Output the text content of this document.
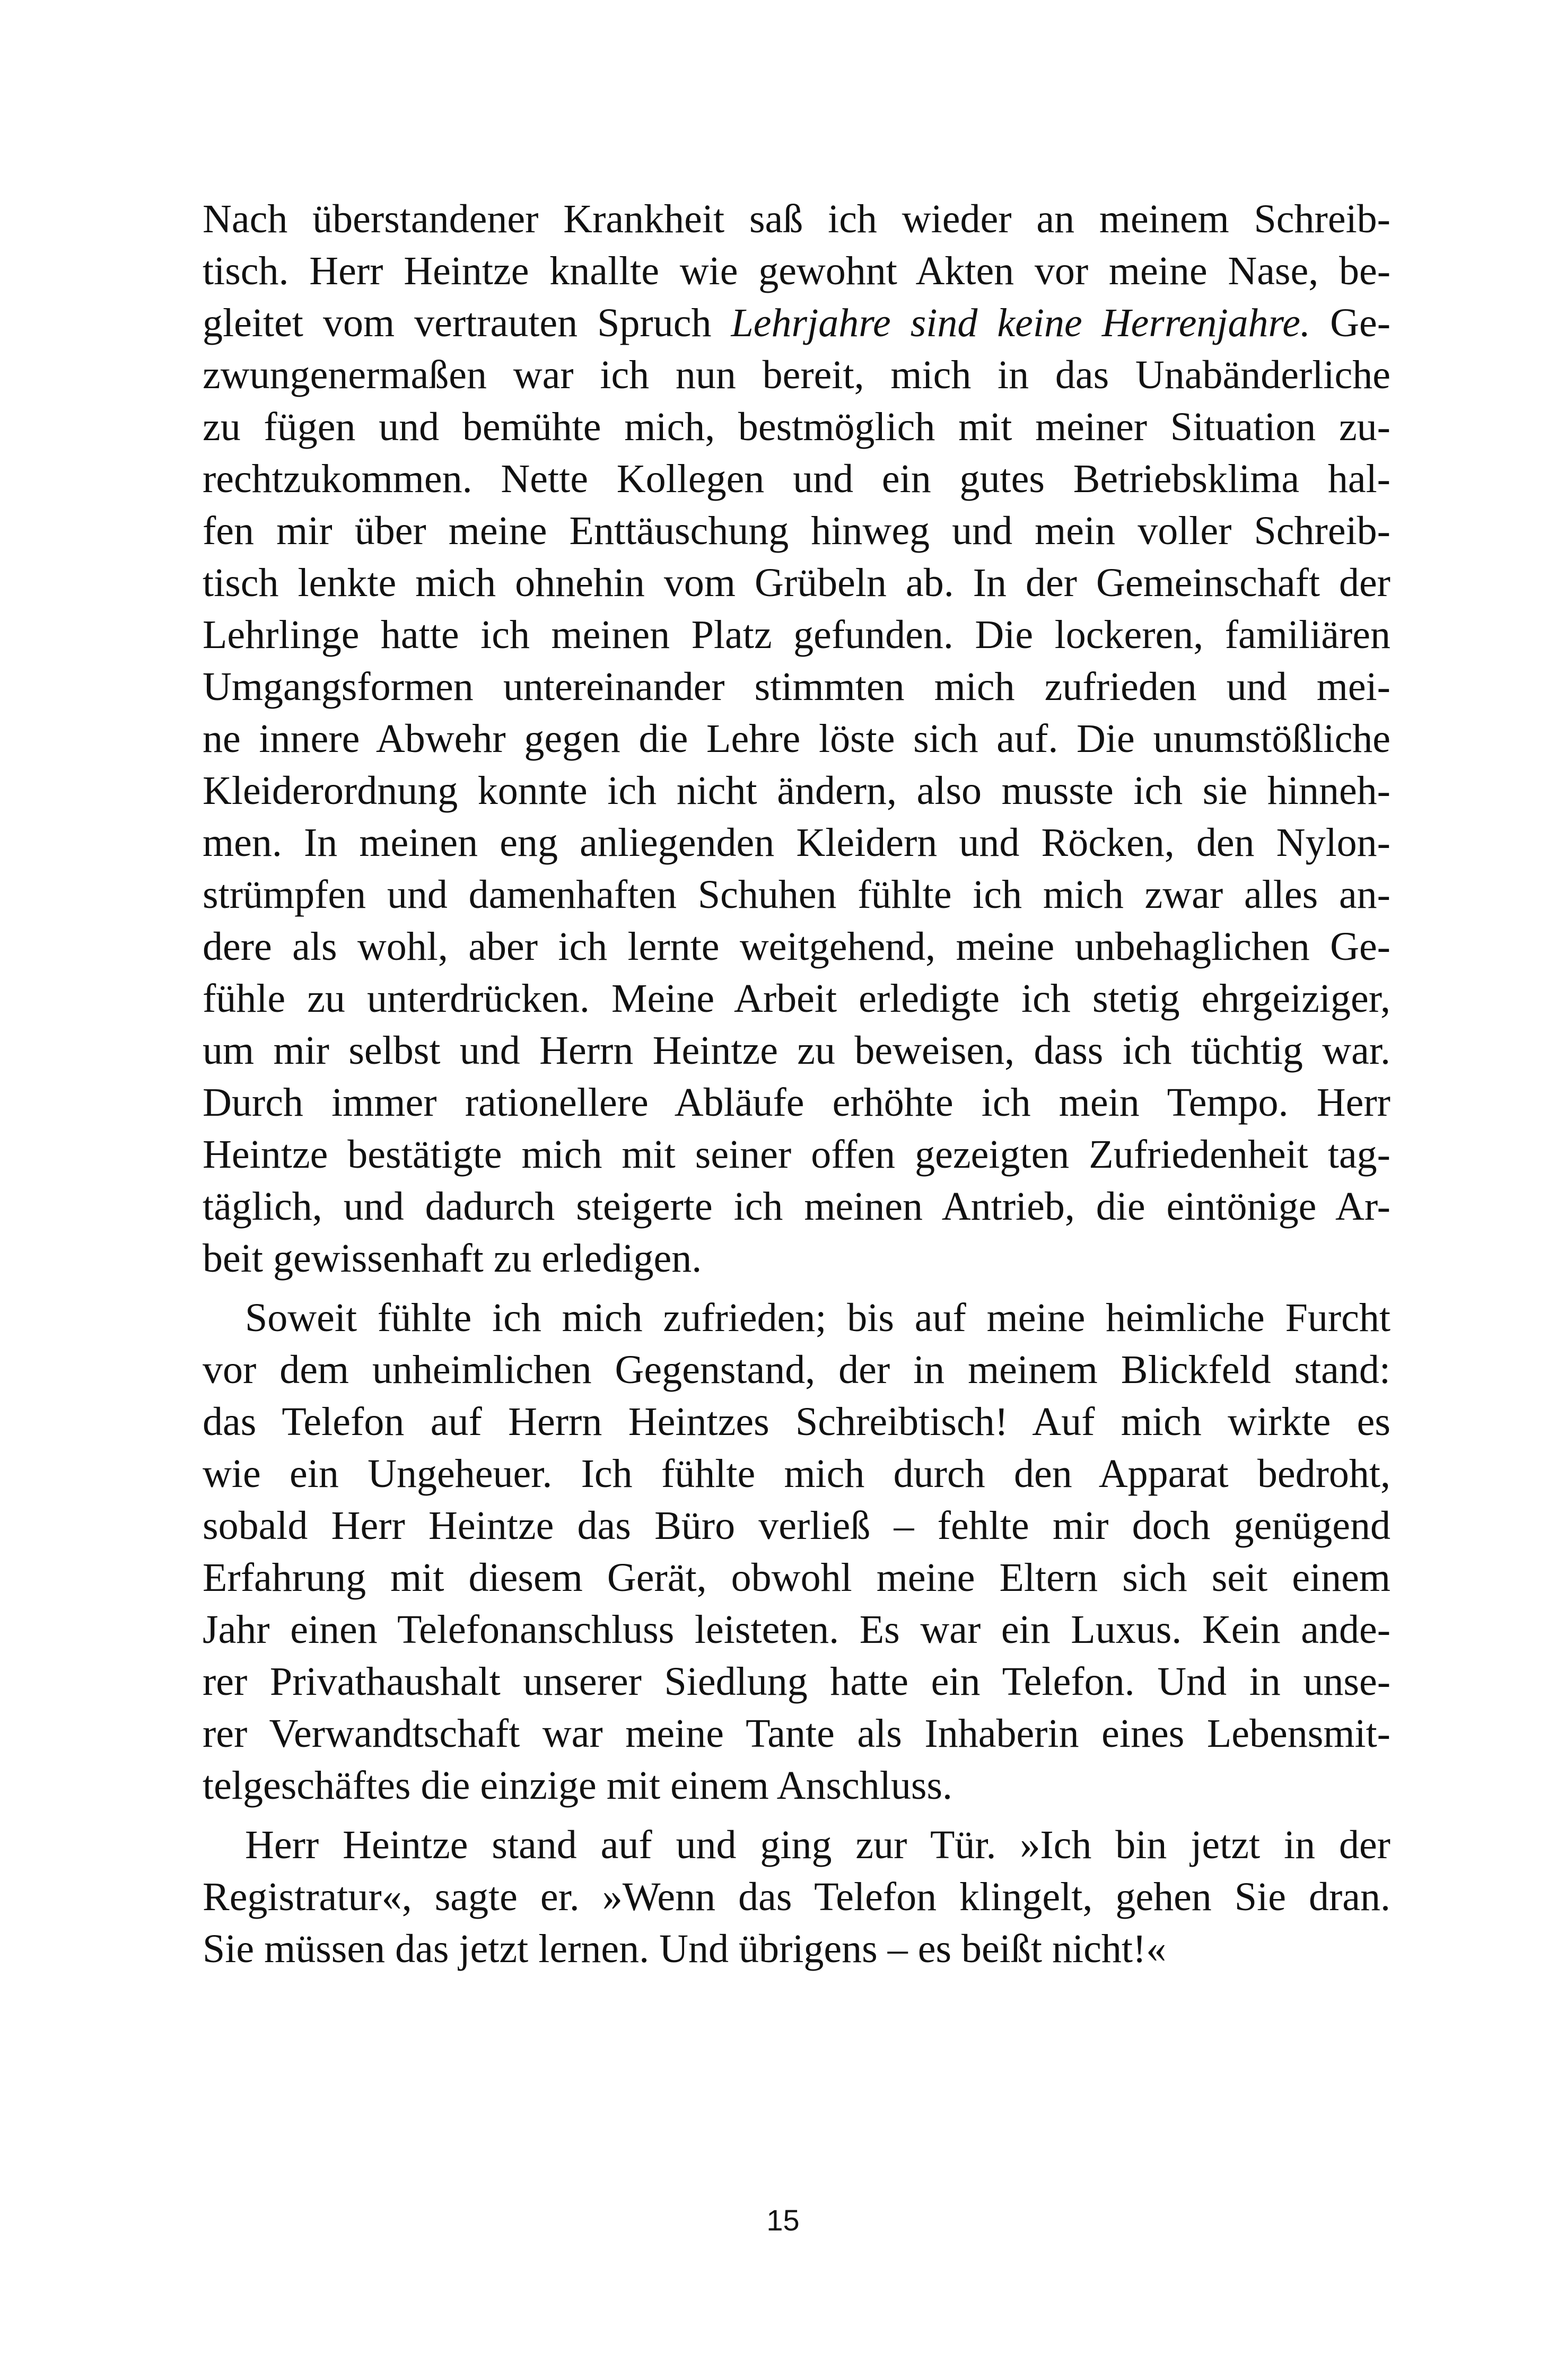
Nach überstandener Krankheit saß ich wieder an meinem Schreib-
tisch. Herr Heintze knallte wie gewohnt Akten vor meine Nase, be-
gleitet vom vertrauten Spruch Lehrjahre sind keine Herrenjahre. Ge-
zwungenermaßen war ich nun bereit, mich in das Unabänderliche
zu fügen und bemühte mich, bestmöglich mit meiner Situation zu-
rechtzukommen. Nette Kollegen und ein gutes Betriebsklima hal-
fen mir über meine Enttäuschung hinweg und mein voller Schreib-
tisch lenkte mich ohnehin vom Grübeln ab. In der Gemeinschaft der
Lehrlinge hatte ich meinen Platz gefunden. Die lockeren, familiären
Umgangsformen untereinander stimmten mich zufrieden und mei-
ne innere Abwehr gegen die Lehre löste sich auf. Die unumstößliche
Kleiderordnung konnte ich nicht ändern, also musste ich sie hinneh-
men. In meinen eng anliegenden Kleidern und Röcken, den Nylon-
strümpfen und damenhaften Schuhen fühlte ich mich zwar alles an-
dere als wohl, aber ich lernte weitgehend, meine unbehaglichen Ge-
fühle zu unterdrücken. Meine Arbeit erledigte ich stetig ehrgeiziger,
um mir selbst und Herrn Heintze zu beweisen, dass ich tüchtig war.
Durch immer rationellere Abläufe erhöhte ich mein Tempo. Herr
Heintze bestätigte mich mit seiner offen gezeigten Zufriedenheit tag-
täglich, und dadurch steigerte ich meinen Antrieb, die eintönige Ar-
beit gewissenhaft zu erledigen.
Soweit fühlte ich mich zufrieden; bis auf meine heimliche Furcht
vor dem unheimlichen Gegenstand, der in meinem Blickfeld stand:
das Telefon auf Herrn Heintzes Schreibtisch! Auf mich wirkte es
wie ein Ungeheuer. Ich fühlte mich durch den Apparat bedroht,
sobald Herr Heintze das Büro verließ – fehlte mir doch genügend
Erfahrung mit diesem Gerät, obwohl meine Eltern sich seit einem
Jahr einen Telefonanschluss leisteten. Es war ein Luxus. Kein ande-
rer Privathaushalt unserer Siedlung hatte ein Telefon. Und in unse-
rer Verwandtschaft war meine Tante als Inhaberin eines Lebensmit-
telgeschäftes die einzige mit einem Anschluss.
Herr Heintze stand auf und ging zur Tür. »Ich bin jetzt in der
Registratur«, sagte er. »Wenn das Telefon klingelt, gehen Sie dran.
Sie müssen das jetzt lernen. Und übrigens – es beißt nicht!«
15
